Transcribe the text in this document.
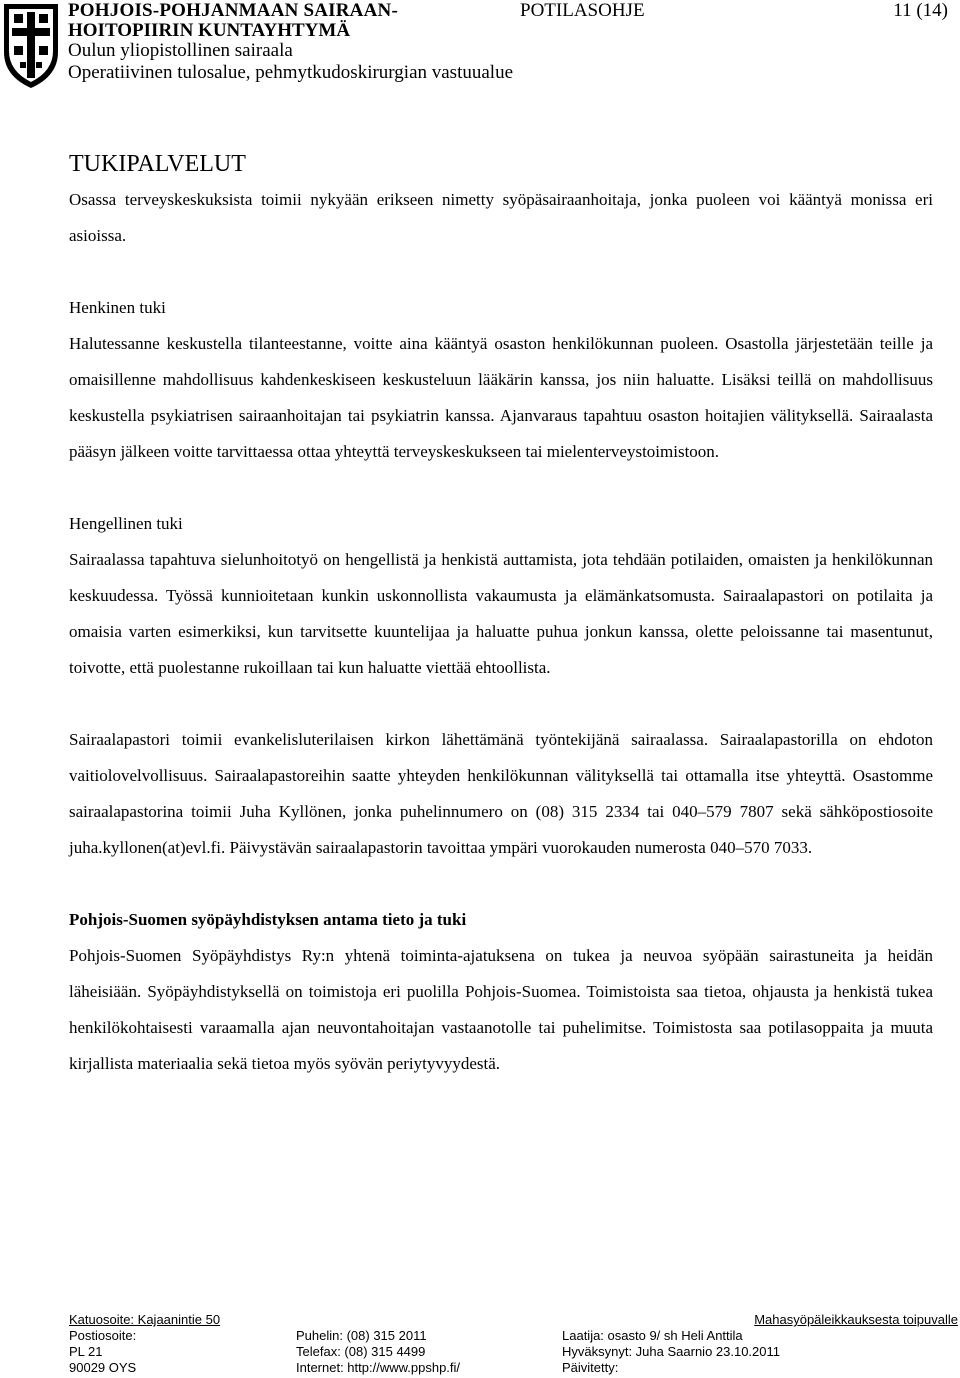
POHJOIS-POHJANMAAN SAIRAAN-
HOITOPIIRIN KUNTAYHTYMÄ
Oulun yliopistollinen sairaala
Operatiivinen tulosalue, pehmytkudoskirurgian vastuualue
POTILASOHJE	11 (14)
TUKIPALVELUT

Osassa terveyskeskuksista toimii nykyään erikseen nimetty syöpäsairaanhoitaja, jonka puoleen voi kääntyä monissa eri asioissa.

Henkinen tuki

Halutessanne keskustella tilanteestanne, voitte aina kääntyä osaston henkilökunnan puoleen. Osastolla järjestetään teille ja omaisillenne mahdollisuus kahdenkeskiseen keskusteluun lääkärin kanssa, jos niin haluatte. Lisäksi teillä on mahdollisuus keskustella psykiatrisen sairaanhoitajan tai psykiatrin kanssa. Ajanvaraus tapahtuu osaston hoitajien välityksellä. Sairaalasta pääsyn jälkeen voitte tarvittaessa ottaa yhteyttä terveyskeskukseen tai mielenterveystoimistoon.

Hengellinen tuki

Sairaalassa tapahtuva sielunhoitotyö on hengellistä ja henkistä auttamista, jota tehdään potilaiden, omaisten ja henkilökunnan keskuudessa. Työssä kunnioitetaan kunkin uskonnollista vakaumusta ja elämänkatsomusta. Sairaalapastori on potilaita ja omaisia varten esimerkiksi, kun tarvitsette kuuntelijaa ja haluatte puhua jonkun kanssa, olette peloissanne tai masentunut, toivotte, että puolestanne rukoillaan tai kun haluatte viettää ehtoollista.

Sairaalapastori toimii evankelisluterilaisen kirkon lähettämänä työntekijänä sairaalassa. Sairaalapastorilla on ehdoton vaitiolovelvollisuus. Sairaalapastoreihin saatte yhteyden henkilökunnan välityksellä tai ottamalla itse yhteyttä. Osastomme sairaalapastorina toimii Juha Kyllönen, jonka puhelinnumero on (08) 315 2334 tai 040–579 7807 sekä sähköpostiosoite juha.kyllonen(at)evl.fi. Päivystävän sairaalapastorin tavoittaa ympäri vuorokauden numerosta 040–570 7033.

Pohjois-Suomen syöpäyhdistyksen antama tieto ja tuki

Pohjois-Suomen Syöpäyhdistys Ry:n yhtenä toiminta-ajatuksena on tukea ja neuvoa syöpään sairastuneita ja heidän läheisiään. Syöpäyhdistyksellä on toimistoja eri puolilla Pohjois-Suomea. Toimistoista saa tietoa, ohjausta ja henkistä tukea henkilökohtaisesti varaamalla ajan neuvontahoitajan vastaanotolle tai puhelimitse. Toimistosta saa potilasoppaita ja muuta kirjallista materiaalia sekä tietoa myös syövän periytyvyydestä.

Katuosoite: Kajaanintie 50
Postiosoite:
PL 21
90029 OYS
Puhelin: (08) 315 2011
Telefax: (08) 315 4499
Internet: http://www.ppshp.fi/
Laatija: osasto 9/ sh Heli Anttila
Hyväksynyt: Juha Saarnio 23.10.2011
Päivitetty:
Mahasyöpäleikkauksesta toipuvalle
